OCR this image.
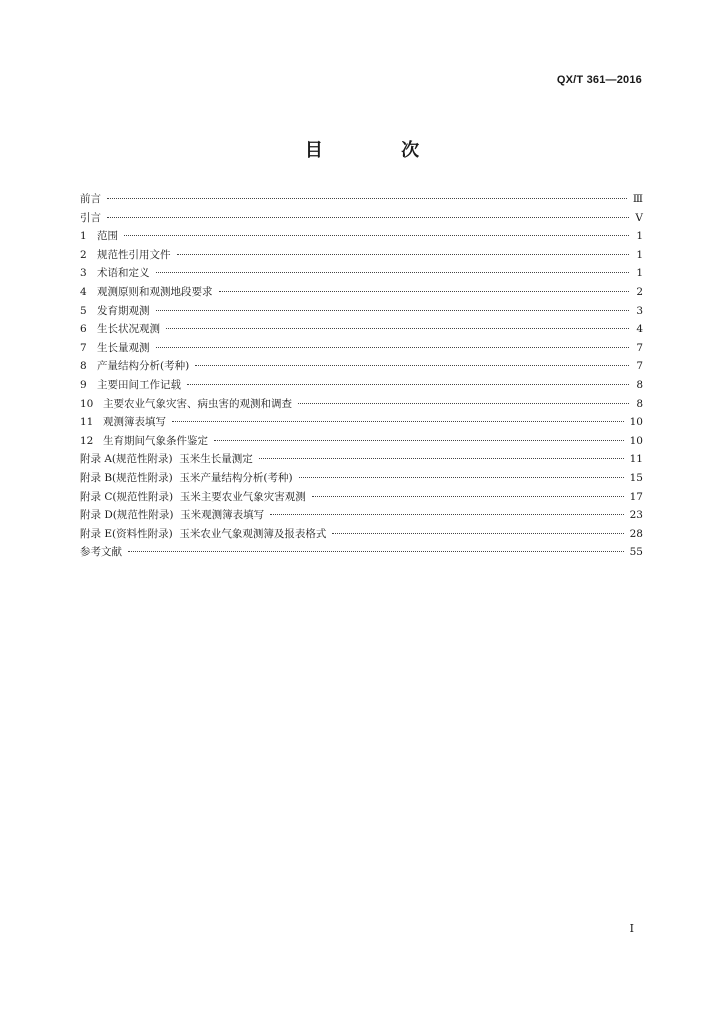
QX/T 361—2016
目 次
前言	Ⅲ
引言	Ⅴ
1 范围	1
2 规范性引用文件	1
3 术语和定义	1
4 观测原则和观测地段要求	2
5 发育期观测	3
6 生长状况观测	4
7 生长量观测	7
8 产量结构分析(考种)	7
9 主要田间工作记载	8
10 主要农业气象灾害、病虫害的观测和调查	8
11 观测簿表填写	10
12 生育期间气象条件鉴定	10
附录 A(规范性附录)  玉米生长量测定	11
附录 B(规范性附录)  玉米产量结构分析(考种)	15
附录 C(规范性附录)  玉米主要农业气象灾害观测	17
附录 D(规范性附录)  玉米观测簿表填写	23
附录 E(资料性附录)  玉米农业气象观测簿及报表格式	28
参考文献	55
I
